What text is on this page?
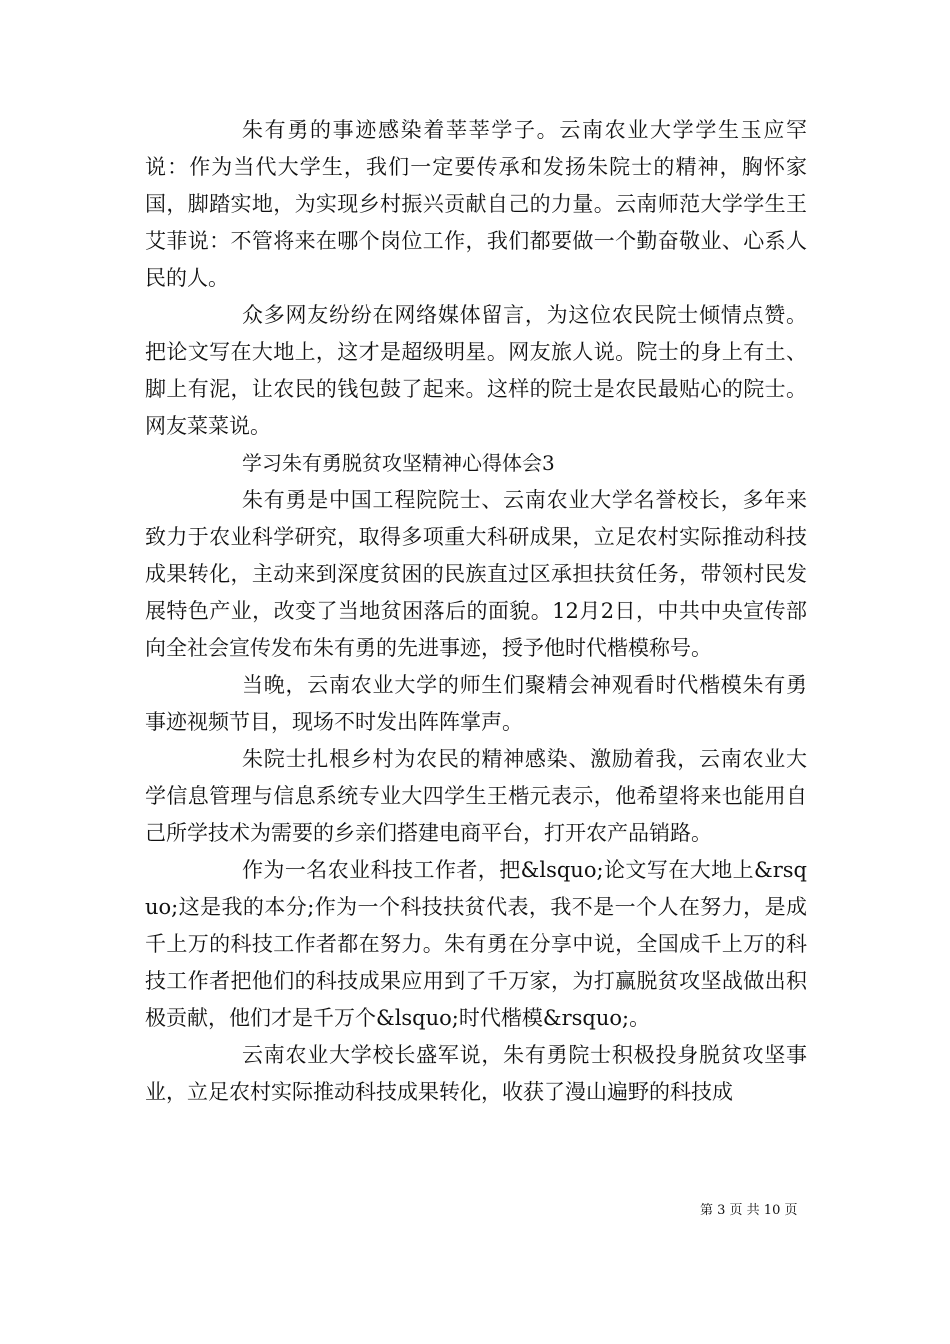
朱有勇的事迹感染着莘莘学子。云南农业大学学生玉应罕说：作为当代大学生，我们一定要传承和发扬朱院士的精神，胸怀家国，脚踏实地，为实现乡村振兴贡献自己的力量。云南师范大学学生王艾菲说：不管将来在哪个岗位工作，我们都要做一个勤奋敬业、心系人民的人。

众多网友纷纷在网络媒体留言，为这位农民院士倾情点赞。把论文写在大地上，这才是超级明星。网友旅人说。院士的身上有土、脚上有泥，让农民的钱包鼓了起来。这样的院士是农民最贴心的院士。网友菜菜说。

学习朱有勇脱贫攻坚精神心得体会3

朱有勇是中国工程院院士、云南农业大学名誉校长，多年来致力于农业科学研究，取得多项重大科研成果，立足农村实际推动科技成果转化，主动来到深度贫困的民族直过区承担扶贫任务，带领村民发展特色产业，改变了当地贫困落后的面貌。12月2日，中共中央宣传部向全社会宣传发布朱有勇的先进事迹，授予他时代楷模称号。

当晚，云南农业大学的师生们聚精会神观看时代楷模朱有勇事迹视频节目，现场不时发出阵阵掌声。

朱院士扎根乡村为农民的精神感染、激励着我，云南农业大学信息管理与信息系统专业大四学生王楷元表示，他希望将来也能用自己所学技术为需要的乡亲们搭建电商平台，打开农产品销路。

作为一名农业科技工作者，把&lsquo;论文写在大地上&rsquo;这是我的本分;作为一个科技扶贫代表，我不是一个人在努力，是成千上万的科技工作者都在努力。朱有勇在分享中说，全国成千上万的科技工作者把他们的科技成果应用到了千万家，为打赢脱贫攻坚战做出积极贡献，他们才是千万个&lsquo;时代楷模&rsquo;。

云南农业大学校长盛军说，朱有勇院士积极投身脱贫攻坚事业，立足农村实际推动科技成果转化，收获了漫山遍野的科技成

第 3 页 共 10 页
